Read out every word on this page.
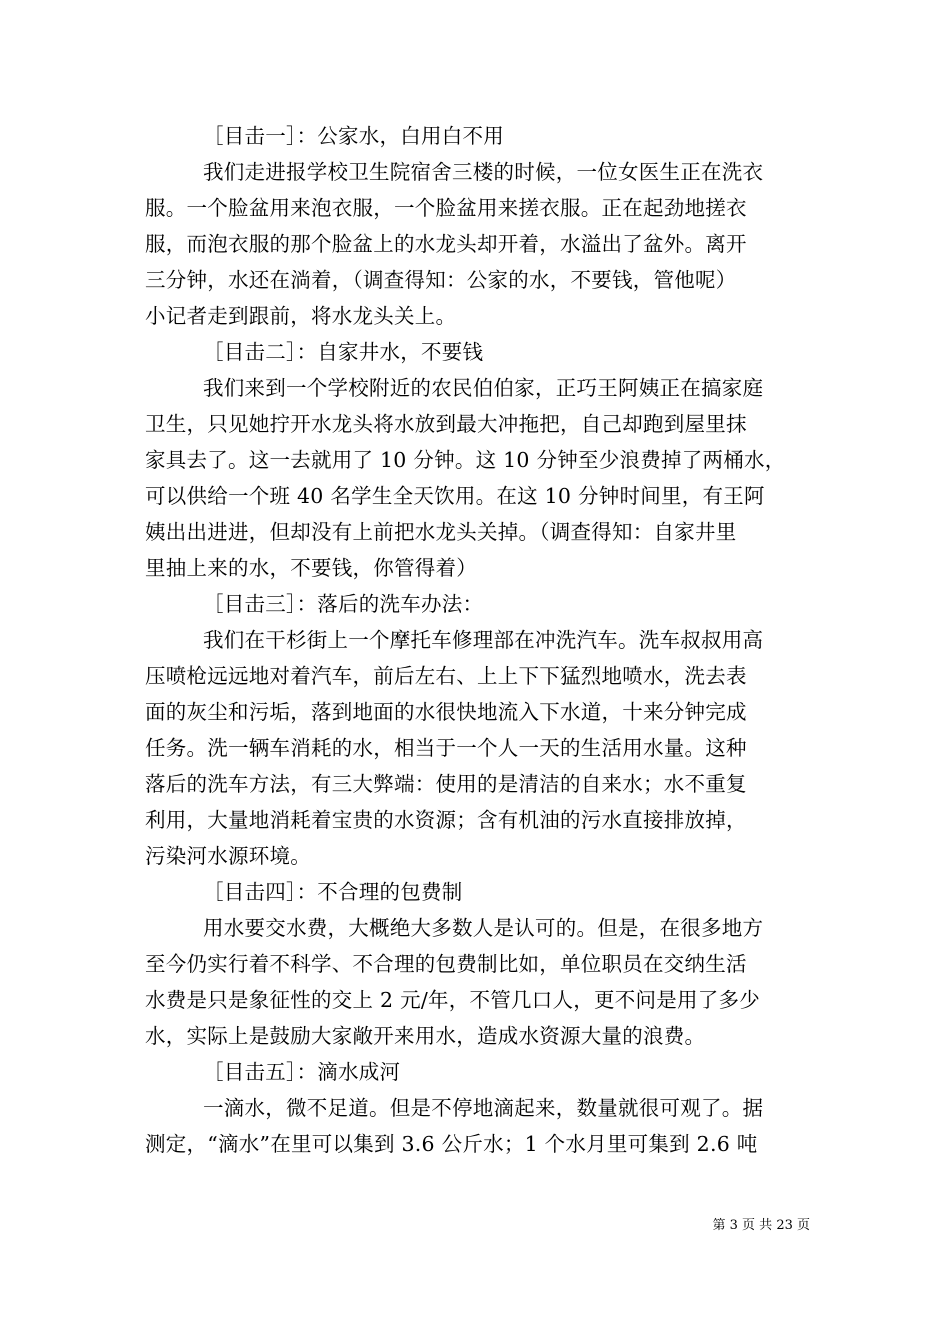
［目击一］：公家水，白用白不用
我们走进报学校卫生院宿舍三楼的时候，一位女医生正在洗衣
服。一个脸盆用来泡衣服，一个脸盆用来搓衣服。正在起劲地搓衣
服，而泡衣服的那个脸盆上的水龙头却开着，水溢出了盆外。离开
三分钟，水还在淌着，（调查得知：公家的水，不要钱，管他呢）
小记者走到跟前，将水龙头关上。
［目击二］：自家井水，不要钱
我们来到一个学校附近的农民伯伯家，正巧王阿姨正在搞家庭
卫生，只见她拧开水龙头将水放到最大冲拖把，自己却跑到屋里抹
家具去了。这一去就用了 10 分钟。这 10 分钟至少浪费掉了两桶水，
可以供给一个班 40 名学生全天饮用。在这 10 分钟时间里，有王阿
姨出出进进，但却没有上前把水龙头关掉。（调查得知：自家井里
里抽上来的水，不要钱，你管得着）
［目击三］：落后的洗车办法：
我们在干杉街上一个摩托车修理部在冲洗汽车。洗车叔叔用高
压喷枪远远地对着汽车，前后左右、上上下下猛烈地喷水，洗去表
面的灰尘和污垢，落到地面的水很快地流入下水道，十来分钟完成
任务。洗一辆车消耗的水，相当于一个人一天的生活用水量。这种
落后的洗车方法，有三大弊端：使用的是清洁的自来水；水不重复
利用，大量地消耗着宝贵的水资源；含有机油的污水直接排放掉，
污染河水源环境。
［目击四］：不合理的包费制
用水要交水费，大概绝大多数人是认可的。但是，在很多地方
至今仍实行着不科学、不合理的包费制比如，单位职员在交纳生活
水费是只是象征性的交上 2 元/年，不管几口人，更不问是用了多少
水，实际上是鼓励大家敞开来用水，造成水资源大量的浪费。
［目击五］：滴水成河
一滴水，微不足道。但是不停地滴起来，数量就很可观了。据
测定，“滴水”在里可以集到 3.6 公斤水；1 个水月里可集到 2.6 吨
第 3 页 共 23 页
